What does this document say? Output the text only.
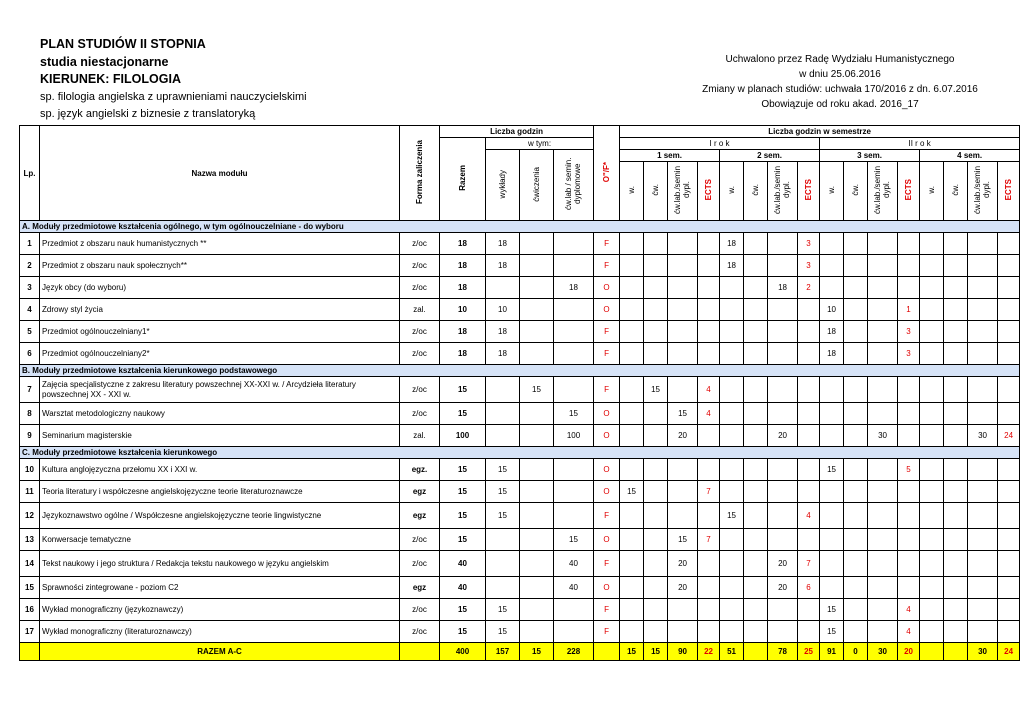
PLAN STUDIÓW II STOPNIA
studia niestacjonarne
KIERUNEK: FILOLOGIA
sp. filologia angielska z uprawnieniami nauczycielskimi
sp. język angielski z biznesie z translatoryką
Uchwalono przez Radę Wydziału Humanistycznego
w dniu 25.06.2016
Zmiany w planach studiów: uchwała 170/2016 z dn. 6.07.2016
Obowiązuje od roku akad. 2016_17
Lp.	Nazwa modułu	Forma zaliczenia	Liczba godzin				O"/F*	Liczba godzin w semestrze															
			Razem	w tym:				I r o k								II r o k							
				wykłady	ćwiczenia	ćw.lab / semin. dyplomowe		1 sem.				2 sem.				3 sem.				4 sem.			
								w.	ćw.	ćw.lab./semin dypl.	ECTS	w.	ćw.	ćw.lab./semin dypl.	ECTS	w.	ćw.	ćw.lab./semin dypl.	ECTS	w.	ćw.	ćw.lab./semin dypl.	ECTS
A. Moduły przedmiotowe kształcenia ogólnego, w tym ogólnouczelniane - do wyboru																							
1	Przedmiot z obszaru nauk humanistycznych **	z/oc	18	18			F					18			3								
2	Przedmiot z obszaru nauk społecznych**	z/oc	18	18			F					18			3								
3	Język obcy (do wyboru)	z/oc	18			18	O							18	2								
4	Zdrowy styl życia	zal.	10	10			O									10			1				
5	Przedmiot ogólnouczelniany1*	z/oc	18	18			F									18			3				
6	Przedmiot ogólnouczelniany2*	z/oc	18	18			F									18			3				
B. Moduły przedmiotowe kształcenia kierunkowego podstawowego																							
7	Zajęcia specjalistyczne z zakresu literatury powszechnej XX-XXI w. / Arcydzieła literatury powszechnej XX - XXI w.	z/oc	15		15		F		15		4												
8	Warsztat metodologiczny naukowy	z/oc	15			15	O			15	4												
9	Seminarium magisterskie	zal.	100			100	O			20				20				30				30	24
C. Moduły przedmiotowe kształcenia kierunkowego																							
10	Kultura anglojęzyczna przełomu XX i XXI w.	egz.	15	15			O									15			5				
11	Teoria literatury i współczesne angielskojęzyczne teorie literaturoznawcze	egz	15	15			O	15			7												
12	Językoznawstwo ogólne / Współczesne angielskojęzyczne teorie lingwistyczne	egz	15	15			F					15			4								
13	Konwersacje tematyczne	z/oc	15			15	O			15	7												
14	Tekst naukowy i jego struktura / Redakcja tekstu naukowego w języku angielskim	z/oc	40			40	F			20				20	7								
15	Sprawności zintegrowane - poziom C2	egz	40			40	O			20				20	6								
16	Wykład monograficzny (językoznawczy)	z/oc	15	15			F									15			4				
17	Wykład monograficzny (literaturoznawczy)	z/oc	15	15			F									15			4				
	RAZEM A-C		400	157	15	228		15	15	90	22	51		78	25	91	0	30	20			30	24
